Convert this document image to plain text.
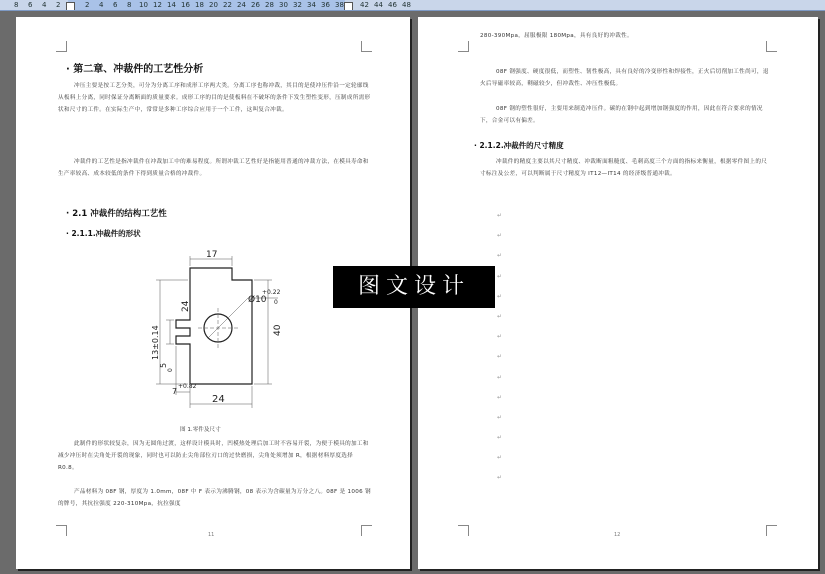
8 6 4 2	2 4 6 8 10 12 14 16 18 20 22 24 26 28 30 32 34 36 38 42 44 46 48
· 第二章、冲裁件的工艺性分析
冲压主要是按工艺分类，可分为分离工序和成形工序两大类。分离工序也称冲裁，其目的是使冲压件沿一定轮廓线从板料上分离，同时保证分离断面的质量要求。成形工序的目的是使板料在不破坏的条件下发生塑性变形，压制成所需形状和尺寸的工件。在实际生产中，常常是多种工序综合应用于一个工件，这叫复合冲裁。
冲裁件的工艺性是指冲裁件在冲裁加工中的难易程度。所谓冲裁工艺性好是指能用普通的冲裁方法，在模具寿命和生产率较高、成本较低的条件下得到质量合格的冲裁件。
· 2.1 冲裁件的结构工艺性
· 2.1.1.冲裁件的形状
17
Ø10
+0.22
0
40
24
13±0.14
5
0
7
+0.82
24
图 1.零件及尺寸
此制件的形状较复杂，因为无圆角过渡，这样设计模具时，凹模热处理后加工时不容易开裂，为便于模具的加工和减少冲压时在尖角处开裂的现象，同时也可以防止尖角部位刃口的过快磨损，尖角处须增加 R，根据材料厚度选择 R0.8。
产品材料为 08F 钢，厚度为 1.0mm，08F 中 F 表示为沸腾钢，08 表示为含碳量为万分之八。08F 是 1006 钢的牌号，其抗拉强度 220-310Mpa，抗拉强度
11
280-390Mpa，屈服极限 180Mpa，具有良好的冲裁性。
08F 钢强度、硬度很低，而塑性、韧性极高，具有良好的冷变形性和焊接性，正火后切削加工性尚可，退火后导磁率较高，剩磁较少，但冲裁性、冲压性极低。
08F 钢的塑性很好，主要用来制造冲压件。碳的在钢中起到增加钢强度的作用，因此在符合要求的情况下，合金可以有偏差。
· 2.1.2.冲裁件的尺寸精度
冲裁件的精度主要以其尺寸精度、冲裁断面粗糙度、毛刺高度三个方面的指标来衡量，根据零件图上的尺寸标注及公差，可以判断属于尺寸精度为 IT12—IT14 的经济级普通冲裁。
↵
↵
↵
↵
↵
↵
↵
↵
↵
↵
↵
↵
↵
↵
12
图文设计
